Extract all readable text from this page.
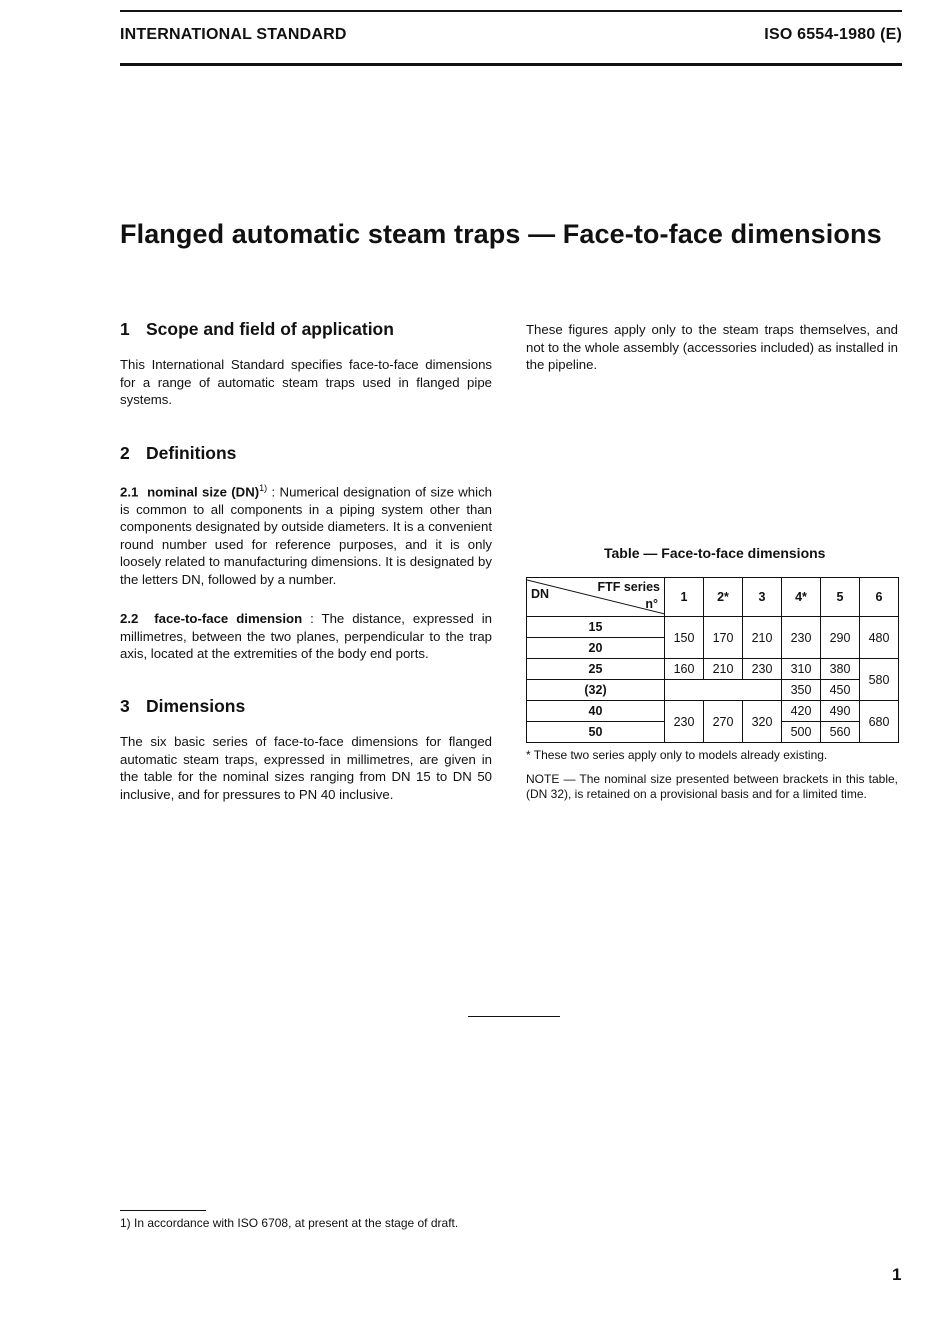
INTERNATIONAL STANDARD	ISO 6554-1980 (E)
Flanged automatic steam traps — Face-to-face dimensions
1 Scope and field of application
This International Standard specifies face-to-face dimensions for a range of automatic steam traps used in flanged pipe systems.
2 Definitions
2.1 nominal size (DN)$^{1)}$ : Numerical designation of size which is common to all components in a piping system other than components designated by outside diameters. It is a convenient round number used for reference purposes, and it is only loosely related to manufacturing dimensions. It is designated by the letters DN, followed by a number.
2.2 face-to-face dimension : The distance, expressed in millimetres, between the two planes, perpendicular to the trap axis, located at the extremities of the body end ports.
3 Dimensions
The six basic series of face-to-face dimensions for flanged automatic steam traps, expressed in millimetres, are given in the table for the nominal sizes ranging from DN 15 to DN 50 inclusive, and for pressures to PN 40 inclusive.
These figures apply only to the steam traps themselves, and not to the whole assembly (accessories included) as installed in the pipeline.
Table — Face-to-face dimensions
DN FTF series
n°	1	2*	3	4*	5	6
15	150	170	210	230	290	480
20						
25	160	210	230	310	380	580
(32)				350	450	
40	230	270	320	420	490	680
50				500	560	
* These two series apply only to models already existing.
NOTE — The nominal size presented between brackets in this table, (DN 32), is retained on a provisional basis and for a limited time.
1) In accordance with ISO 6708, at present at the stage of draft.
1
